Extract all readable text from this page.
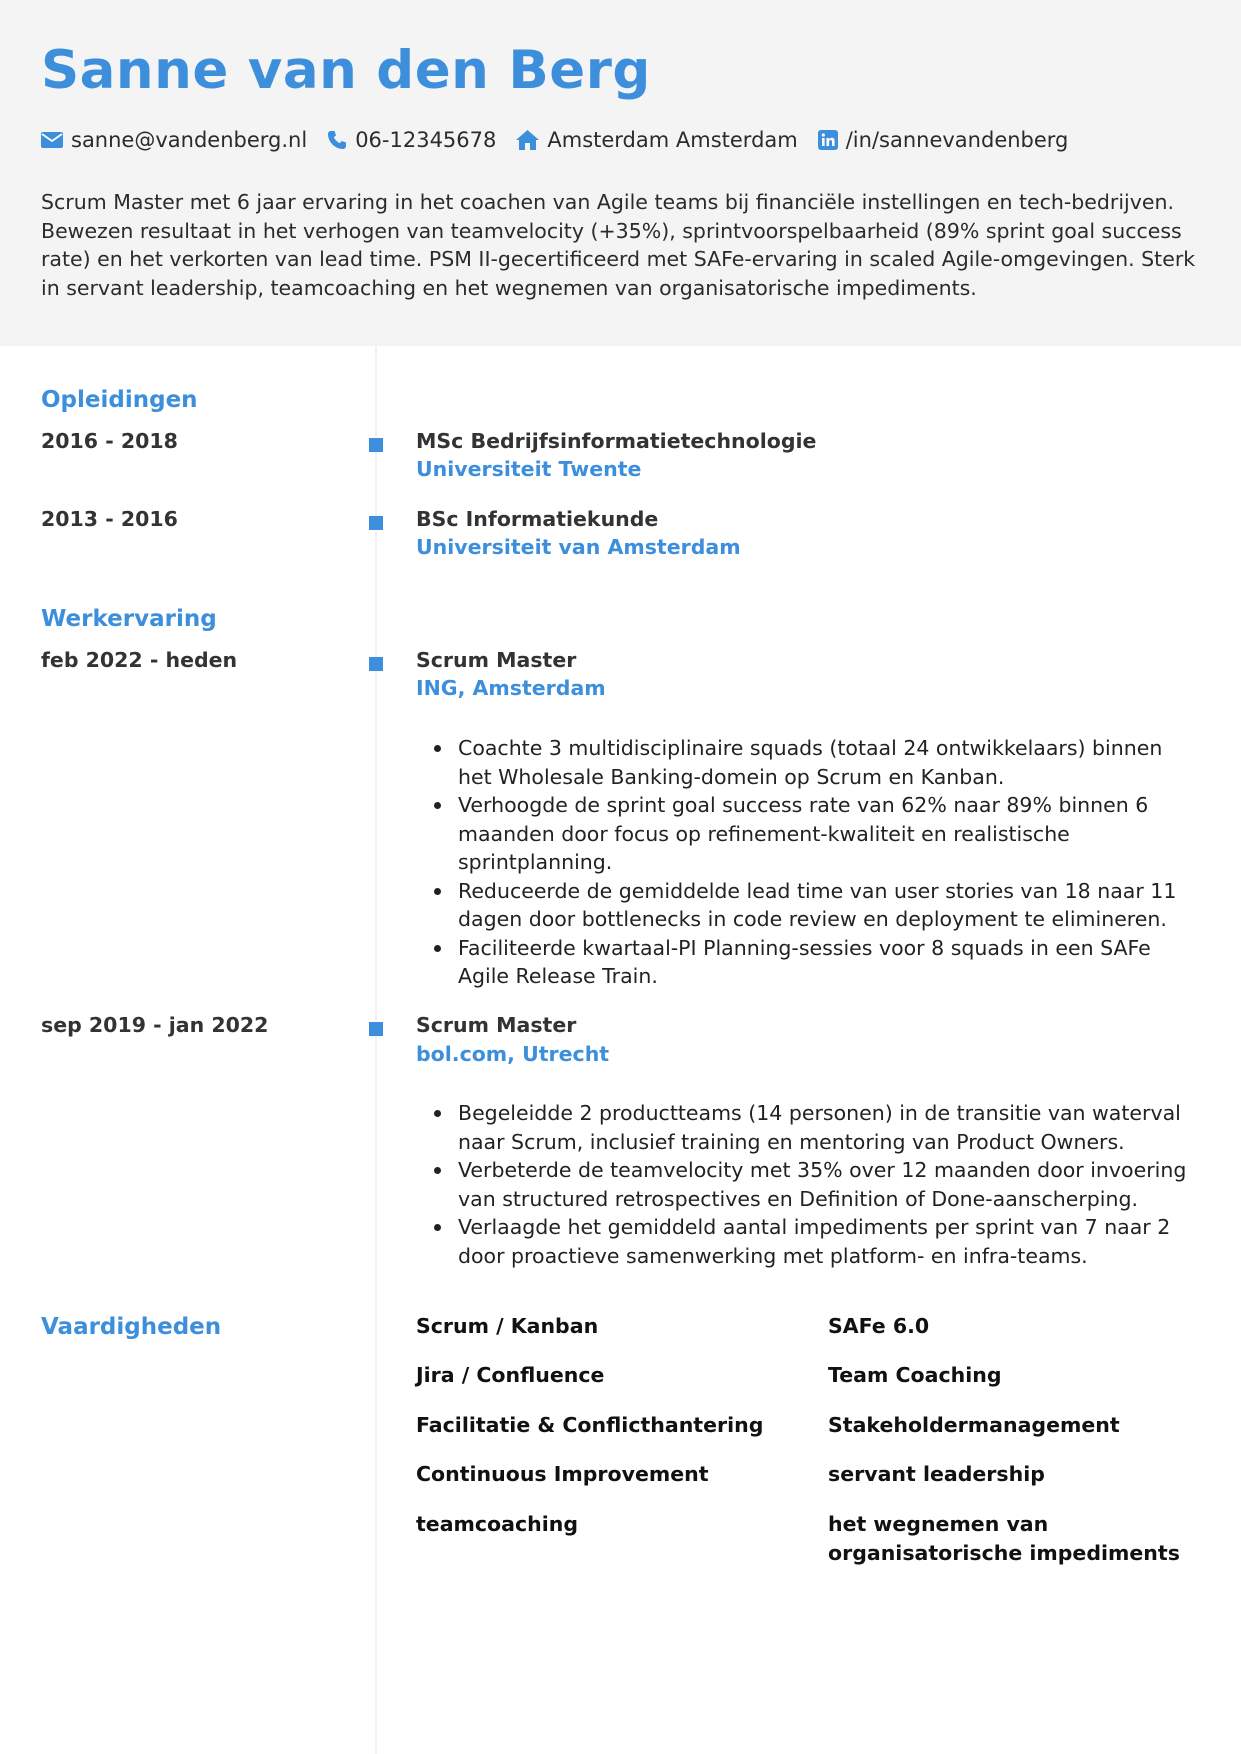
Sanne van den Berg
sanne@vandenberg.nl 06-12345678 Amsterdam Amsterdam /in/sannevandenberg

Scrum Master met 6 jaar ervaring in het coachen van Agile teams bij financiële instellingen en tech-bedrijven. Bewezen resultaat in het verhogen van teamvelocity (+35%), sprintvoorspelbaarheid (89% sprint goal success rate) en het verkorten van lead time. PSM II-gecertificeerd met SAFe-ervaring in scaled Agile-omgevingen. Sterk in servant leadership, teamcoaching en het wegnemen van organisatorische impediments.

Opleidingen
2016 - 2018	MSc Bedrijfsinformatietechnologie
Universiteit Twente
2013 - 2016	BSc Informatiekunde
Universiteit van Amsterdam
Werkervaring
feb 2022 - heden	Scrum Master
ING, Amsterdam
Coachte 3 multidisciplinaire squads (totaal 24 ontwikkelaars) binnen het Wholesale Banking-domein op Scrum en Kanban.
Verhoogde de sprint goal success rate van 62% naar 89% binnen 6 maanden door focus op refinement-kwaliteit en realistische sprintplanning.
Reduceerde de gemiddelde lead time van user stories van 18 naar 11 dagen door bottlenecks in code review en deployment te elimineren.
Faciliteerde kwartaal-PI Planning-sessies voor 8 squads in een SAFe Agile Release Train.
sep 2019 - jan 2022	Scrum Master
bol.com, Utrecht
Begeleidde 2 productteams (14 personen) in de transitie van waterval naar Scrum, inclusief training en mentoring van Product Owners.
Verbeterde de teamvelocity met 35% over 12 maanden door invoering van structured retrospectives en Definition of Done-aanscherping.
Verlaagde het gemiddeld aantal impediments per sprint van 7 naar 2 door proactieve samenwerking met platform- en infra-teams.
Vaardigheden	Scrum / Kanban	SAFe 6.0
Jira / Confluence	Team Coaching
Facilitatie & Conflicthantering	Stakeholdermanagement
Continuous Improvement	servant leadership
teamcoaching	het wegnemen van organisatorische impediments
